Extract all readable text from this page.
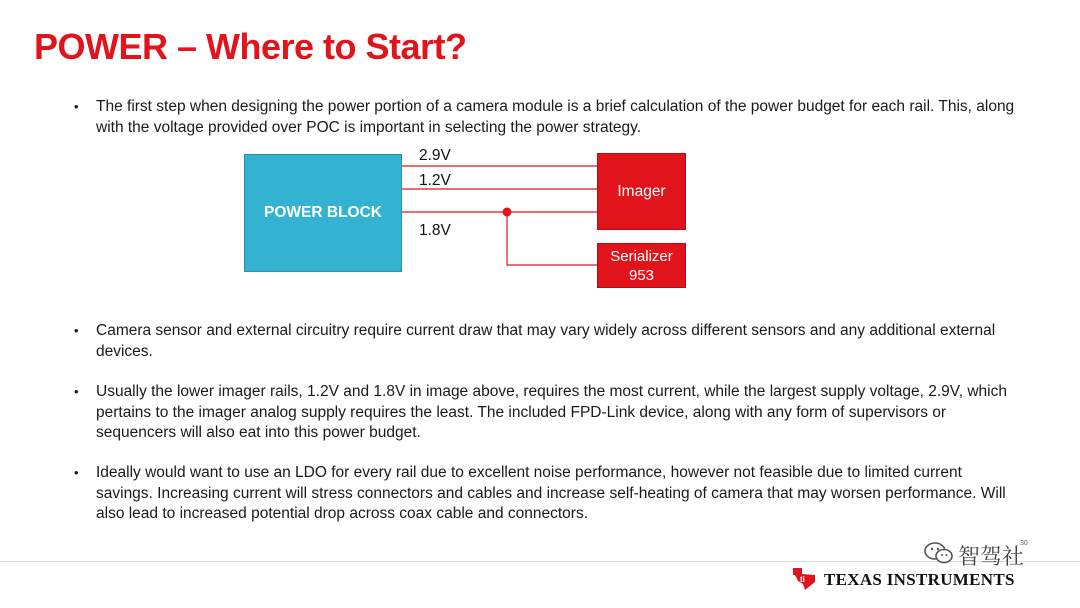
POWER – Where to Start?
• The first step when designing the power portion of a camera module is a brief calculation of the power budget for each rail. This, along with the voltage provided over POC is important in selecting the power strategy.
POWER BLOCK
Imager
Serializer
953
2.9V
1.2V
1.8V
• Camera sensor and external circuitry require current draw that may vary widely across different sensors and any additional external devices.
• Usually the lower imager rails, 1.2V and 1.8V in image above, requires the most current, while the largest supply voltage, 2.9V, which pertains to the imager analog supply requires the least. The included FPD-Link device, along with any form of supervisors or sequencers will also eat into this power budget.
• Ideally would want to use an LDO for every rail due to excellent noise performance, however not feasible due to limited current savings. Increasing current will stress connectors and cables and increase self-heating of camera that may worsen performance. Will also lead to increased potential drop across coax cable and connectors.
30
智驾社
ti TEXAS INSTRUMENTS
